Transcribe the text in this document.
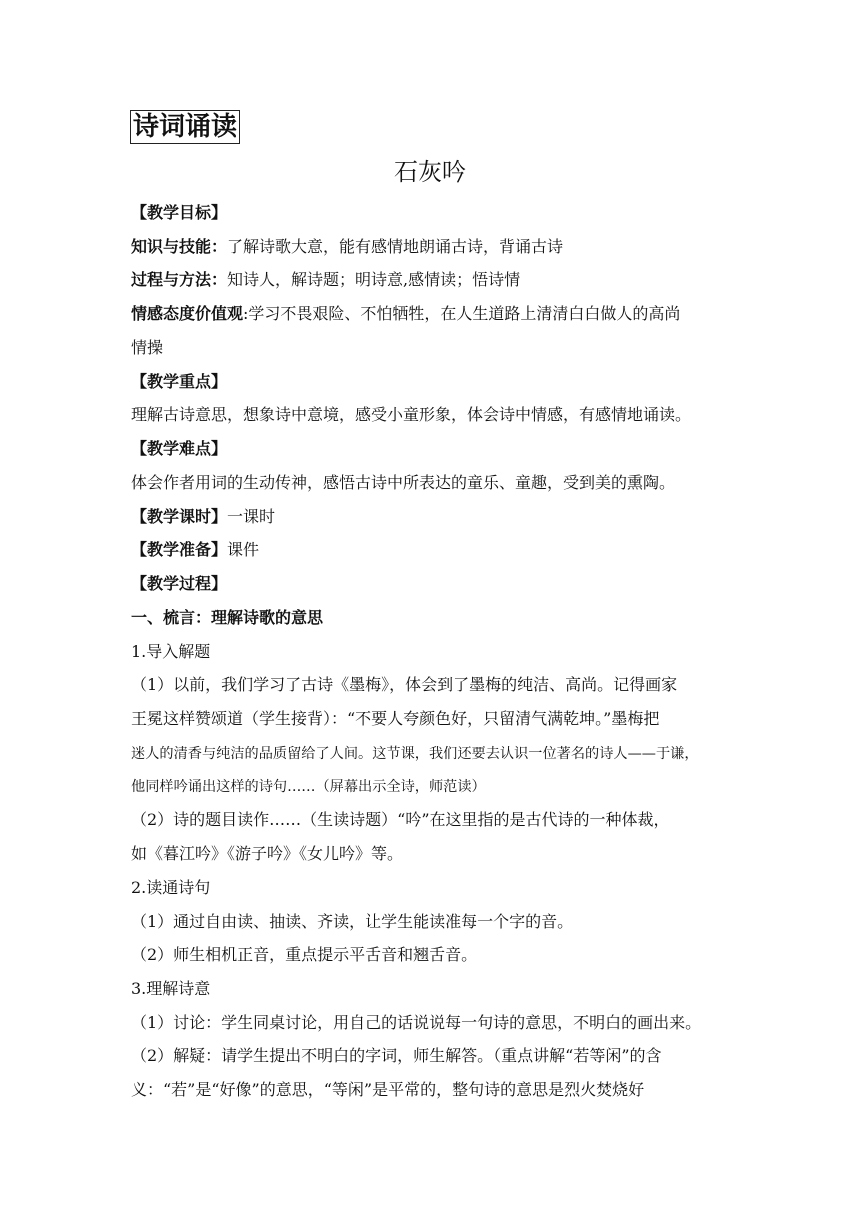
诗词诵读
石灰吟
【教学目标】
知识与技能：了解诗歌大意，能有感情地朗诵古诗，背诵古诗
过程与方法：知诗人，解诗题；明诗意,感情读；悟诗情
情感态度价值观:学习不畏艰险、不怕牺牲，在人生道路上清清白白做人的高尚
情操
【教学重点】
理解古诗意思，想象诗中意境，感受小童形象，体会诗中情感，有感情地诵读。
【教学难点】
体会作者用词的生动传神，感悟古诗中所表达的童乐、童趣，受到美的熏陶。
【教学课时】一课时
【教学准备】课件
【教学过程】
一、梳言：理解诗歌的意思
1.导入解题
（1）以前，我们学习了古诗《墨梅》，体会到了墨梅的纯洁、高尚。记得画家
王冕这样赞颂道（学生接背）：“不要人夸颜色好，只留清气满乾坤。”墨梅把
迷人的清香与纯洁的品质留给了人间。这节课，我们还要去认识一位著名的诗人——于谦，
他同样吟诵出这样的诗句……（屏幕出示全诗，师范读）
（2）诗的题目读作……（生读诗题）“吟”在这里指的是古代诗的一种体裁，
如《暮江吟》《游子吟》《女儿吟》等。
2.读通诗句
（1）通过自由读、抽读、齐读，让学生能读准每一个字的音。
（2）师生相机正音，重点提示平舌音和翘舌音。
3.理解诗意
（1）讨论：学生同桌讨论，用自己的话说说每一句诗的意思，不明白的画出来。
（2）解疑：请学生提出不明白的字词，师生解答。（重点讲解“若等闲”的含
义：“若”是“好像”的意思，“等闲”是平常的，整句诗的意思是烈火焚烧好
